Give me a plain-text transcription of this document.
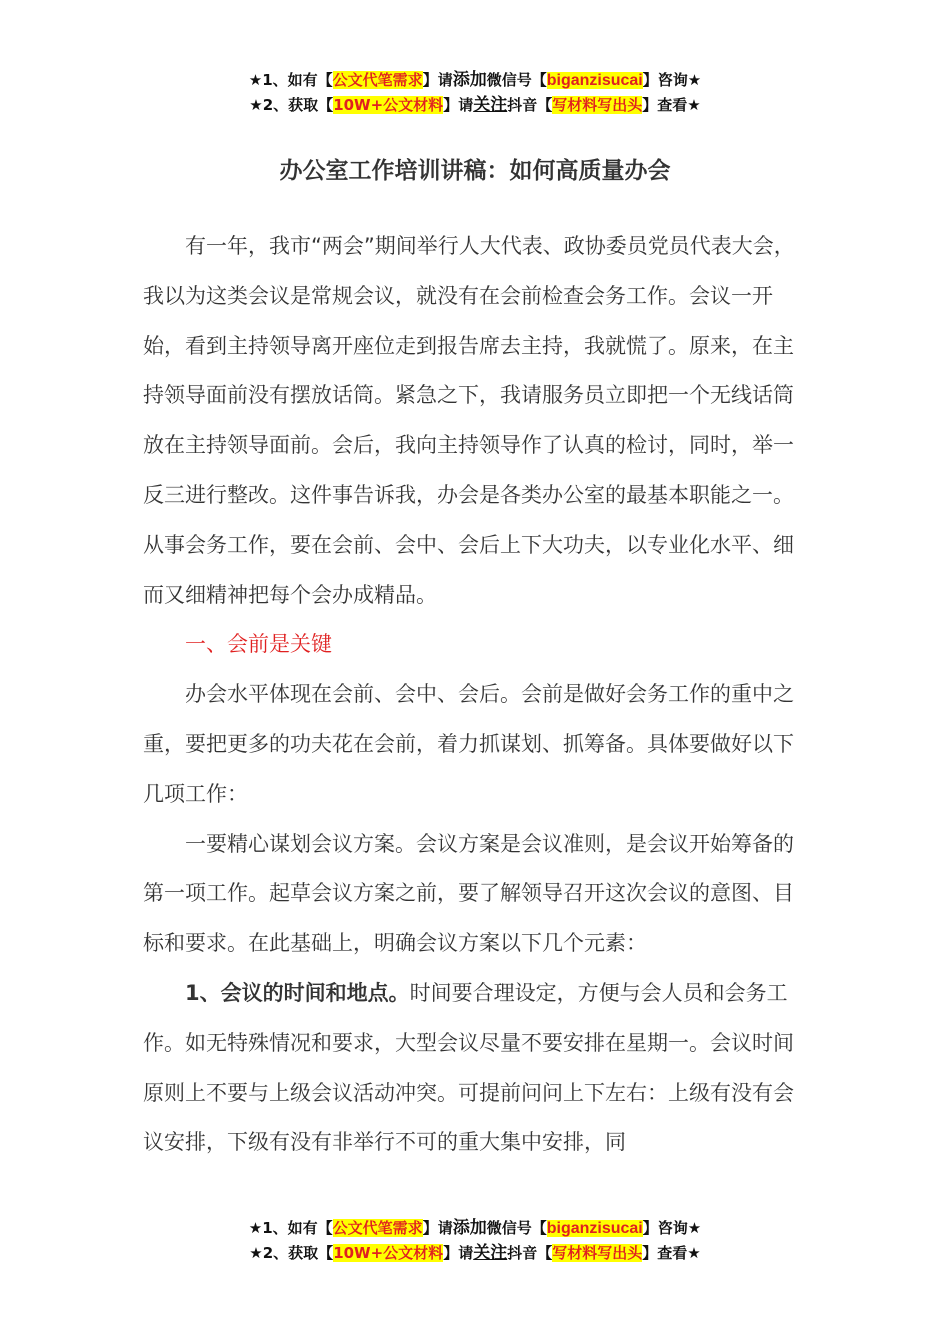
★1、如有【公文代笔需求】请添加微信号【biganzisucai】咨询★
★2、获取【10W+公文材料】请关注抖音【写材料写出头】查看★
办公室工作培训讲稿：如何高质量办会

有一年，我市“两会”期间举行人大代表、政协委员党员代表大会，我以为这类会议是常规会议，就没有在会前检查会务工作。会议一开始，看到主持领导离开座位走到报告席去主持，我就慌了。原来，在主持领导面前没有摆放话筒。紧急之下，我请服务员立即把一个无线话筒放在主持领导面前。会后，我向主持领导作了认真的检讨，同时，举一反三进行整改。这件事告诉我，办会是各类办公室的最基本职能之一。从事会务工作，要在会前、会中、会后上下大功夫，以专业化水平、细而又细精神把每个会办成精品。

一、会前是关键

办会水平体现在会前、会中、会后。会前是做好会务工作的重中之重，要把更多的功夫花在会前，着力抓谋划、抓筹备。具体要做好以下几项工作：

一要精心谋划会议方案。会议方案是会议准则，是会议开始筹备的第一项工作。起草会议方案之前，要了解领导召开这次会议的意图、目标和要求。在此基础上，明确会议方案以下几个元素：

1、会议的时间和地点。时间要合理设定，方便与会人员和会务工作。如无特殊情况和要求，大型会议尽量不要安排在星期一。会议时间原则上不要与上级会议活动冲突。可提前问问上下左右：上级有没有会议安排，下级有没有非举行不可的重大集中安排，同

★1、如有【公文代笔需求】请添加微信号【biganzisucai】咨询★
★2、获取【10W+公文材料】请关注抖音【写材料写出头】查看★
